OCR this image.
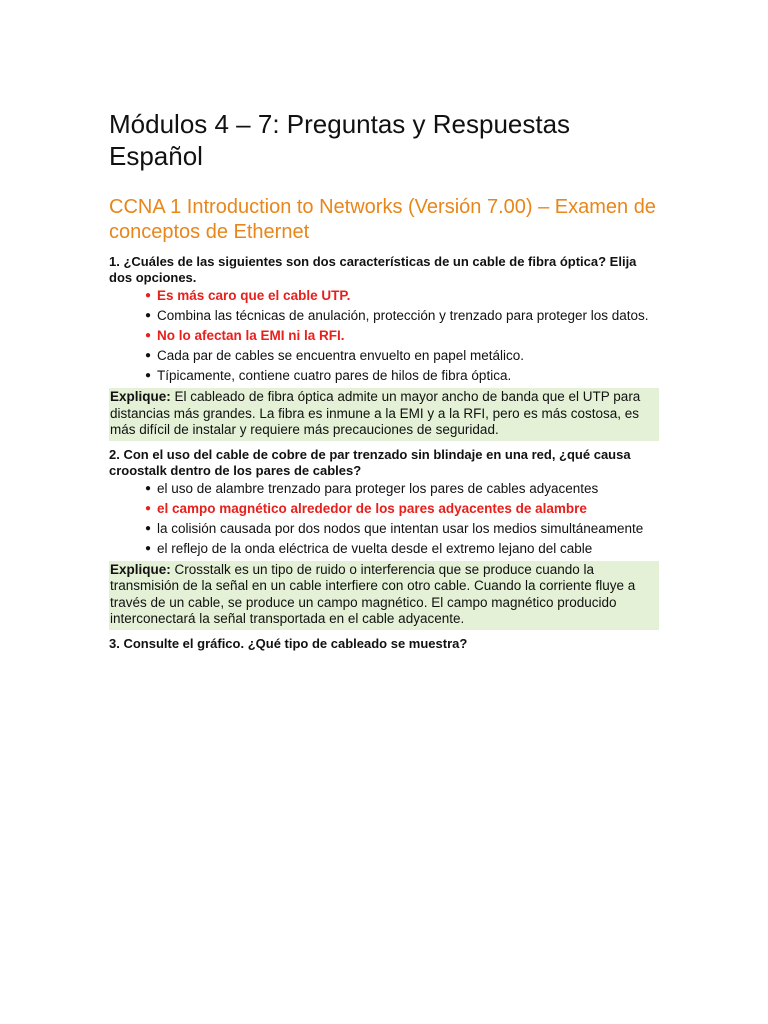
Módulos 4 – 7: Preguntas y Respuestas Español
CCNA 1 Introduction to Networks (Versión 7.00) – Examen de conceptos de Ethernet

1. ¿Cuáles de las siguientes son dos características de un cable de fibra óptica? Elija dos opciones.

● Es más caro que el cable UTP.
● Combina las técnicas de anulación, protección y trenzado para proteger los datos.
● No lo afectan la EMI ni la RFI.
● Cada par de cables se encuentra envuelto en papel metálico.
● Típicamente, contiene cuatro pares de hilos de fibra óptica.
Explique: El cableado de fibra óptica admite un mayor ancho de banda que el UTP para distancias más grandes. La fibra es inmune a la EMI y a la RFI, pero es más costosa, es más difícil de instalar y requiere más precauciones de seguridad.

2. Con el uso del cable de cobre de par trenzado sin blindaje en una red, ¿qué causa croostalk dentro de los pares de cables?

● el uso de alambre trenzado para proteger los pares de cables adyacentes
● el campo magnético alrededor de los pares adyacentes de alambre
● la colisión causada por dos nodos que intentan usar los medios simultáneamente
● el reflejo de la onda eléctrica de vuelta desde el extremo lejano del cable
Explique: Crosstalk es un tipo de ruido o interferencia que se produce cuando la transmisión de la señal en un cable interfiere con otro cable. Cuando la corriente fluye a través de un cable, se produce un campo magnético. El campo magnético producido interconectará la señal transportada en el cable adyacente.

3. Consulte el gráfico. ¿Qué tipo de cableado se muestra?
